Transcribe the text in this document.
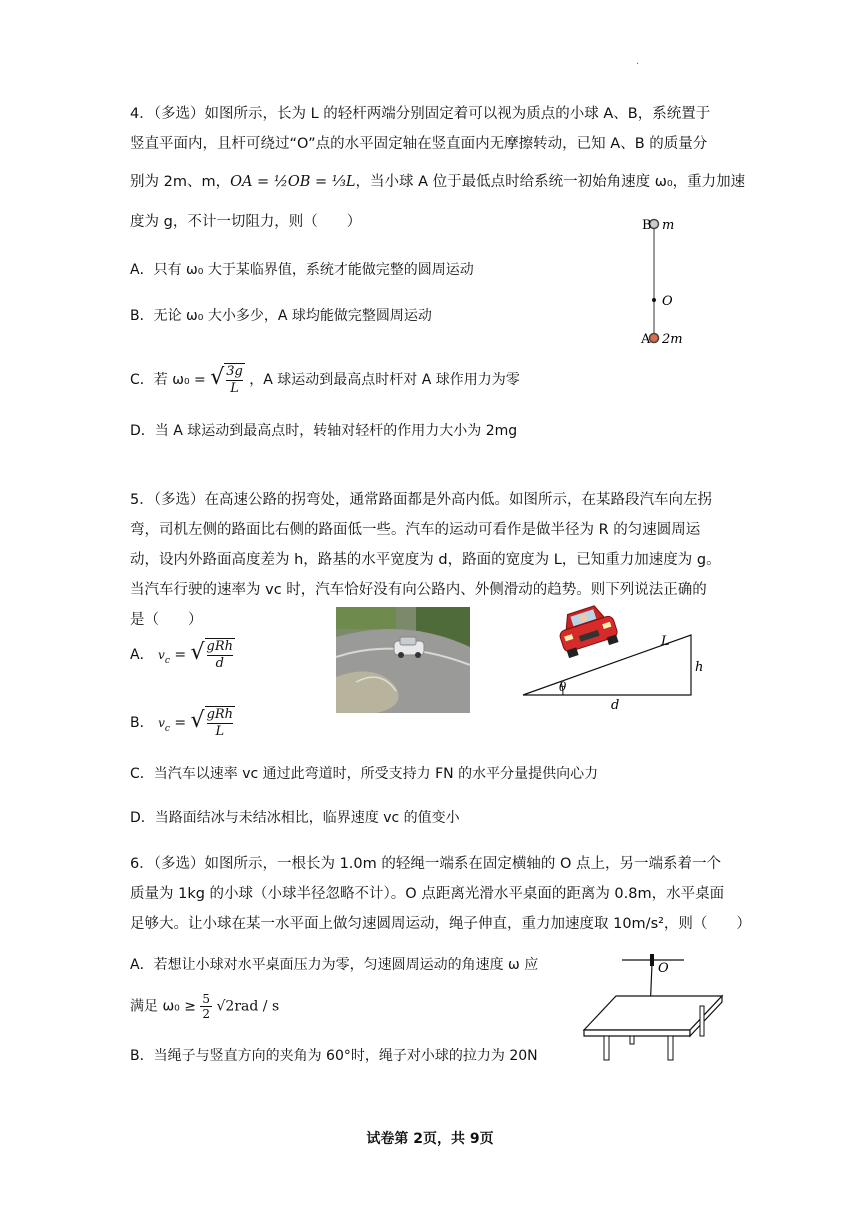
.
4．（多选）如图所示，长为 L 的轻杆两端分别固定着可以视为质点的小球 A、B，系统置于
竖直平面内，且杆可绕过“O”点的水平固定轴在竖直面内无摩擦转动，已知 A、B 的质量分
别为 2m、m，OA = ½OB = ⅓L，当小球 A 位于最低点时给系统一初始角速度 ω₀，重力加速
度为 g，不计一切阻力，则（　　）
A．只有 ω₀ 大于某临界值，系统才能做完整的圆周运动
B．无论 ω₀ 大小多少，A 球均能做完整圆周运动
C．若 ω₀ = √ $\frac{3g}{L}$ ，A 球运动到最高点时杆对 A 球作用力为零
D．当 A 球运动到最高点时，转轴对轻杆的作用力大小为 2mg
B m
O
A 2m
5．（多选）在高速公路的拐弯处，通常路面都是外高内低。如图所示，在某路段汽车向左拐
弯，司机左侧的路面比右侧的路面低一些。汽车的运动可看作是做半径为 R 的匀速圆周运
动，设内外路面高度差为 h，路基的水平宽度为 d，路面的宽度为 L，已知重力加速度为 g。
当汽车行驶的速率为 vc 时，汽车恰好没有向公路内、外侧滑动的趋势。则下列说法正确的
是（　　）
A． $v_c$ = √ gRh
d
B． $v_c$ = √ gRh
L
C．当汽车以速率 vc 通过此弯道时，所受支持力 FN 的水平分量提供向心力
D．当路面结冰与未结冰相比，临界速度 vc 的值变小
θ
L
h
d
6．（多选）如图所示，一根长为 1.0m 的轻绳一端系在固定横轴的 O 点上，另一端系着一个
质量为 1kg 的小球（小球半径忽略不计）。O 点距离光滑水平桌面的距离为 0.8m，水平桌面
足够大。让小球在某一水平面上做匀速圆周运动，绳子伸直，重力加速度取 10m/s²，则（　　）
A．若想让小球对水平桌面压力为零，匀速圆周运动的角速度 ω 应
满足 $\omega_0 \ge \frac{5}{2} √2rad / s$
B．当绳子与竖直方向的夹角为 60°时，绳子对小球的拉力为 20N
O
试卷第 2页，共 9页
